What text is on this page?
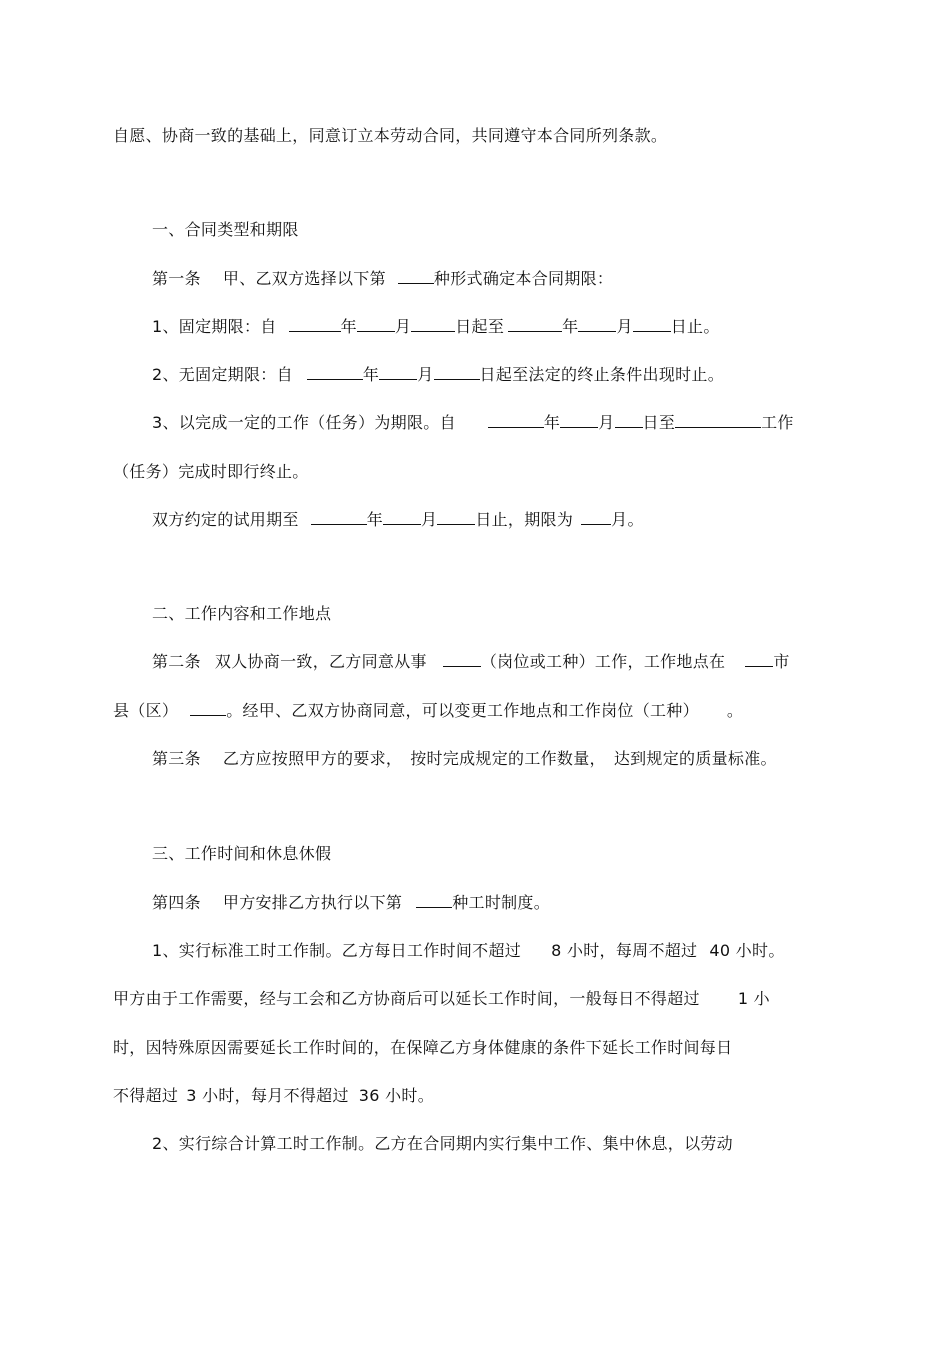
自愿、协商一致的基础上，同意订立本劳动合同，共同遵守本合同所列条款。
一、合同类型和期限
第一条 甲、乙双方选择以下第	种形式确定本合同期限：
1、固定期限：自	年 月	日起至	年 月 日止。
2、无固定期限：自	年 月	日起至法定的终止条件出现时止。
3、以完成一定的工作（任务）为期限。自	年 月 日至	工作
（任务）完成时即行终止。
双方约定的试用期至	年 月 日止，期限为 月。
二、工作内容和工作地点
第二条 双人协商一致，乙方同意从事	（岗位或工种）工作，工作地点在	市
县（区）	。经甲、乙双方协商同意，可以变更工作地点和工作岗位（工种） 。
第三条 乙方应按照甲方的要求， 按时完成规定的工作数量， 达到规定的质量标准。
三、工作时间和休息休假
第四条 甲方安排乙方执行以下第	种工时制度。
1、实行标准工时工作制。乙方每日工作时间不超过 8 小时，每周不超过 40 小时。
甲方由于工作需要，经与工会和乙方协商后可以延长工作时间，一般每日不得超过 1 小
时，因特殊原因需要延长工作时间的，在保障乙方身体健康的条件下延长工作时间每日
不得超过 3 小时，每月不得超过 36 小时。
2、实行综合计算工时工作制。乙方在合同期内实行集中工作、集中休息，以劳动
